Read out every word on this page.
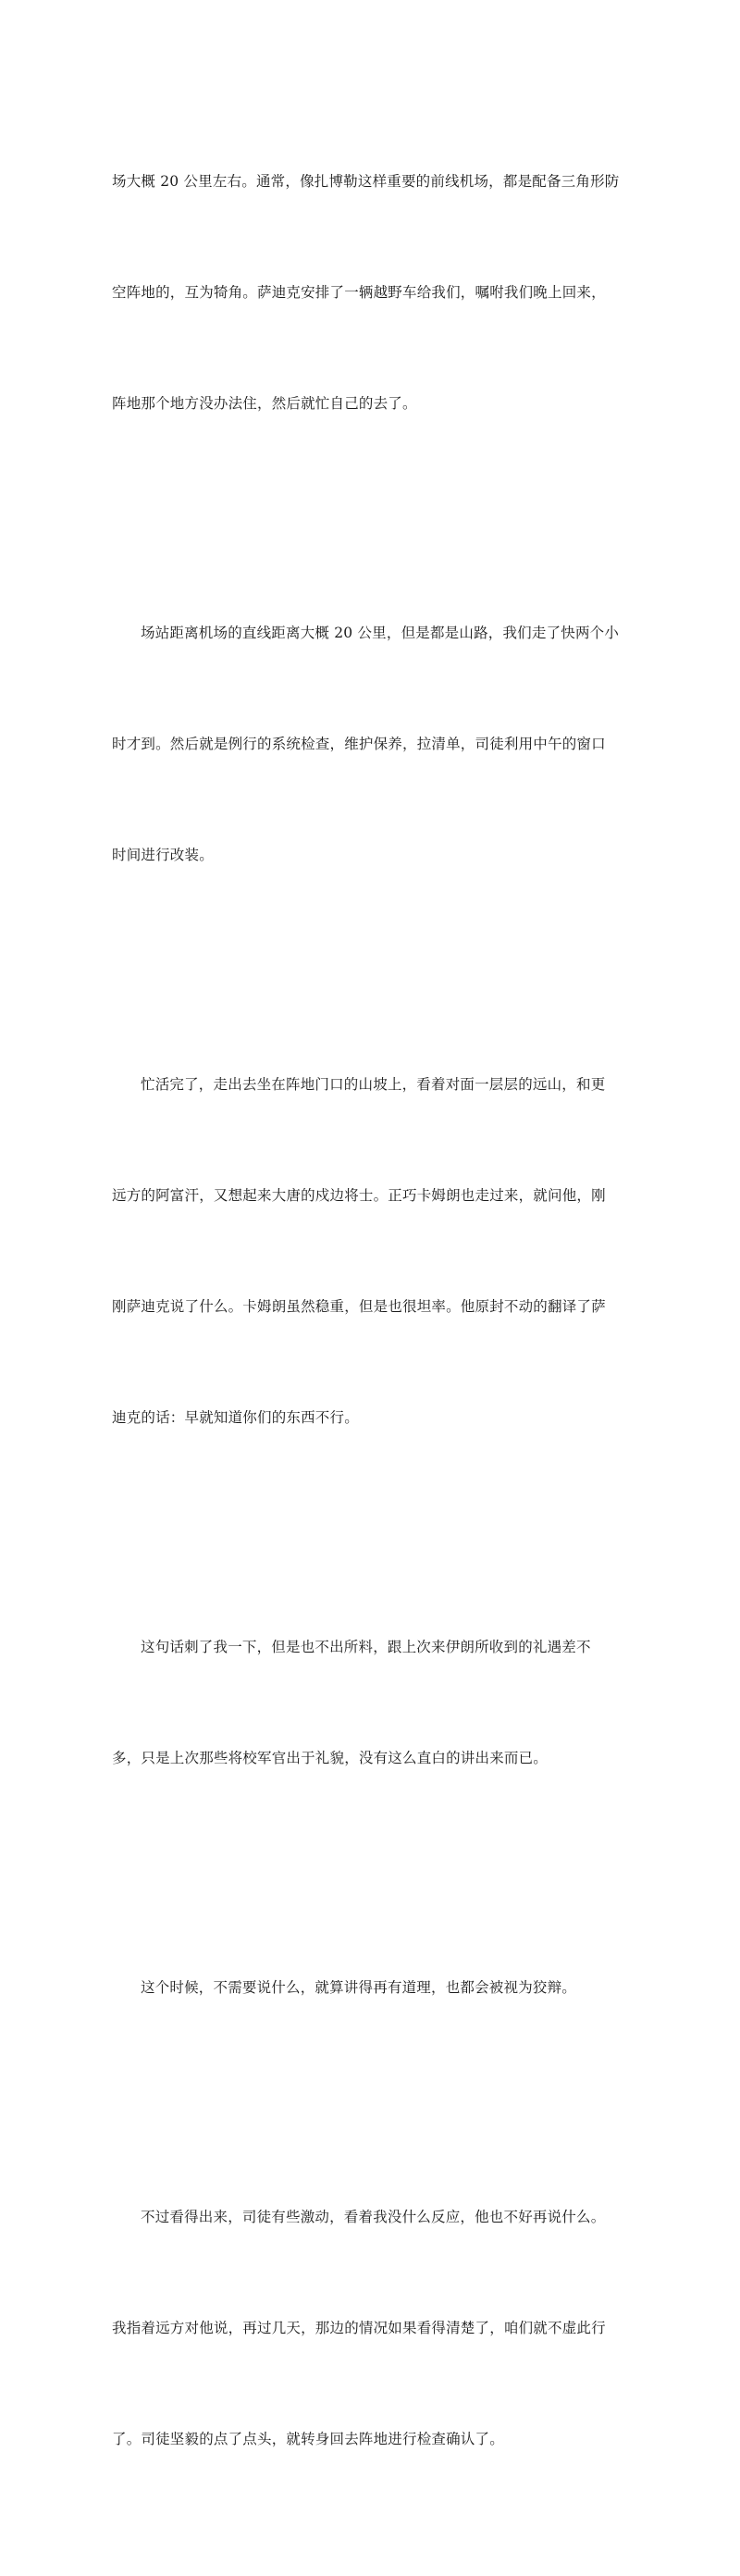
场大概 20 公里左右。通常，像扎博勒这样重要的前线机场，都是配备三角形防

空阵地的，互为犄角。萨迪克安排了一辆越野车给我们，嘱咐我们晚上回来，

阵地那个地方没办法住，然后就忙自己的去了。

场站距离机场的直线距离大概 20 公里，但是都是山路，我们走了快两个小

时才到。然后就是例行的系统检查，维护保养，拉清单，司徒利用中午的窗口

时间进行改装。

忙活完了，走出去坐在阵地门口的山坡上，看着对面一层层的远山，和更

远方的阿富汗，又想起来大唐的戍边将士。正巧卡姆朗也走过来，就问他，刚

刚萨迪克说了什么。卡姆朗虽然稳重，但是也很坦率。他原封不动的翻译了萨

迪克的话：早就知道你们的东西不行。

这句话刺了我一下，但是也不出所料，跟上次来伊朗所收到的礼遇差不

多，只是上次那些将校军官出于礼貌，没有这么直白的讲出来而已。

这个时候，不需要说什么，就算讲得再有道理，也都会被视为狡辩。

不过看得出来，司徒有些激动，看着我没什么反应，他也不好再说什么。

我指着远方对他说，再过几天，那边的情况如果看得清楚了，咱们就不虚此行

了。司徒坚毅的点了点头，就转身回去阵地进行检查确认了。
